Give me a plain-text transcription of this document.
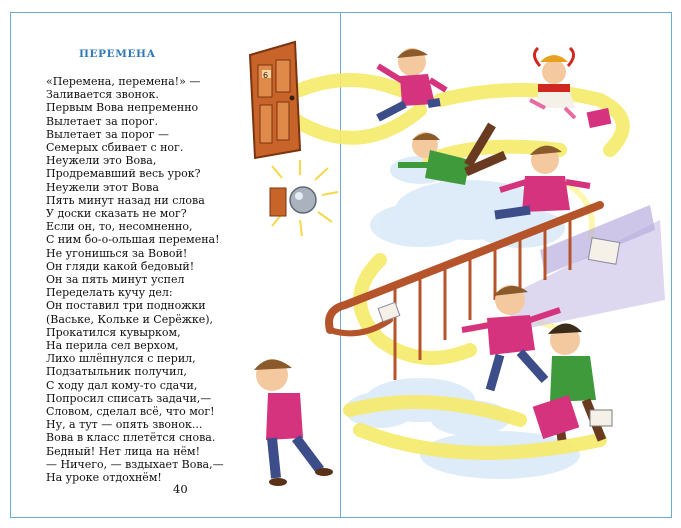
6
ПЕРЕМЕНА
«Перемена, перемена!» —
Заливается звонок.
Первым Вова непременно
Вылетает за порог.
Вылетает за порог —
Семерых сбивает с ног.
Неужели это Вова,
Продремавший весь урок?
Неужели этот Вова
Пять минут назад ни слова
У доски сказать не мог?
Если он, то, несомненно,
С ним бо-о-ольшая перемена!
Не угонишься за Вовой!
Он гляди какой бедовый!
Он за пять минут успел
Переделать кучу дел:
Он поставил три подножки
(Ваське, Кольке и Серёжке),
Прокатился кувырком,
На перила сел верхом,
Лихо шлёпнулся с перил,
Подзатыльник получил,
С ходу дал кому-то сдачи,
Попросил списать задачи,—
Словом, сделал всё, что мог!
Ну, а тут — опять звонок...
Вова в класс плетётся снова.
Бедный! Нет лица на нём!
— Ничего, — вздыхает Вова,—
На уроке отдохнём!
40
